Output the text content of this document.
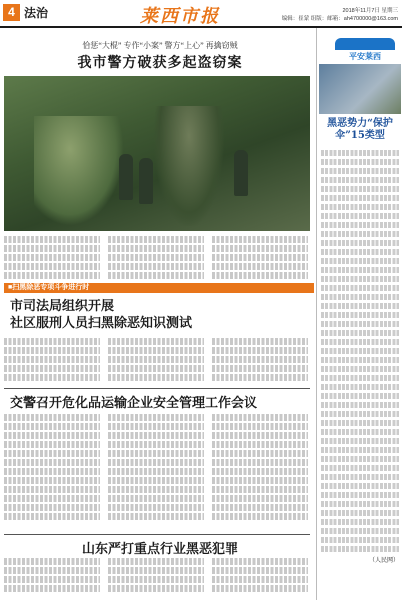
4 法治	莱西市报	2018年11月7日 星期三
编辑：崔蒙 组版：邮箱：ah4700000@163.com
恰惩“大棍” 专作“小案” 警方“上心” 再擒窃贼
我市警方破获多起盗窃案
■扫黑除恶专项斗争进行时
市司法局组织开展
社区服刑人员扫黑除恶知识测试
交警召开危化品运输企业安全管理工作会议
山东严打重点行业黑恶犯罪
平安莱西
黑恶势力“保护伞”15类型
（人民网）
